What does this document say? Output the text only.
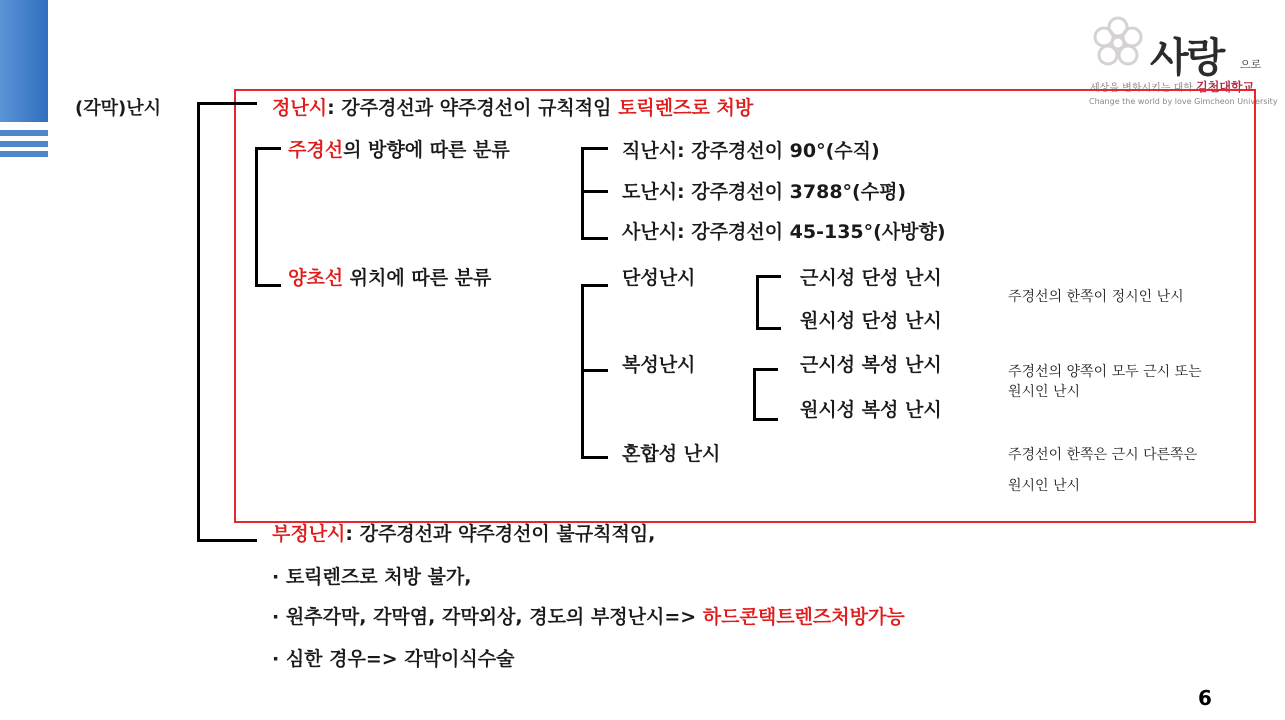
사랑 으로
세상을 변화시키는 대학 김천대학교
Change the world by love Gimcheon University
(각막)난시	정난시: 강주경선과 약주경선이 규칙적임 토릭렌즈로 처방
주경선의 방향에 따른 분류	직난시: 강주경선이 90°(수직)
도난시: 강주경선이 3788°(수평)
사난시: 강주경선이 45-135°(사방향)
양초선 위치에 따른 분류	단성난시	근시성 단성 난시
원시성 단성 난시
복성난시	근시성 복성 난시
원시성 복성 난시
혼합성 난시
주경선의 한쪽이 정시인 난시
주경선의 양쪽이 모두 근시 또는
원시인 난시
주경선이 한쪽은 근시 다른쪽은
원시인 난시
부정난시: 강주경선과 약주경선이 불규칙적임,
· 토릭렌즈로 처방 불가,
· 원추각막, 각막염, 각막외상, 경도의 부정난시=> 하드콘택트렌즈처방가능
· 심한 경우=> 각막이식수술
6
